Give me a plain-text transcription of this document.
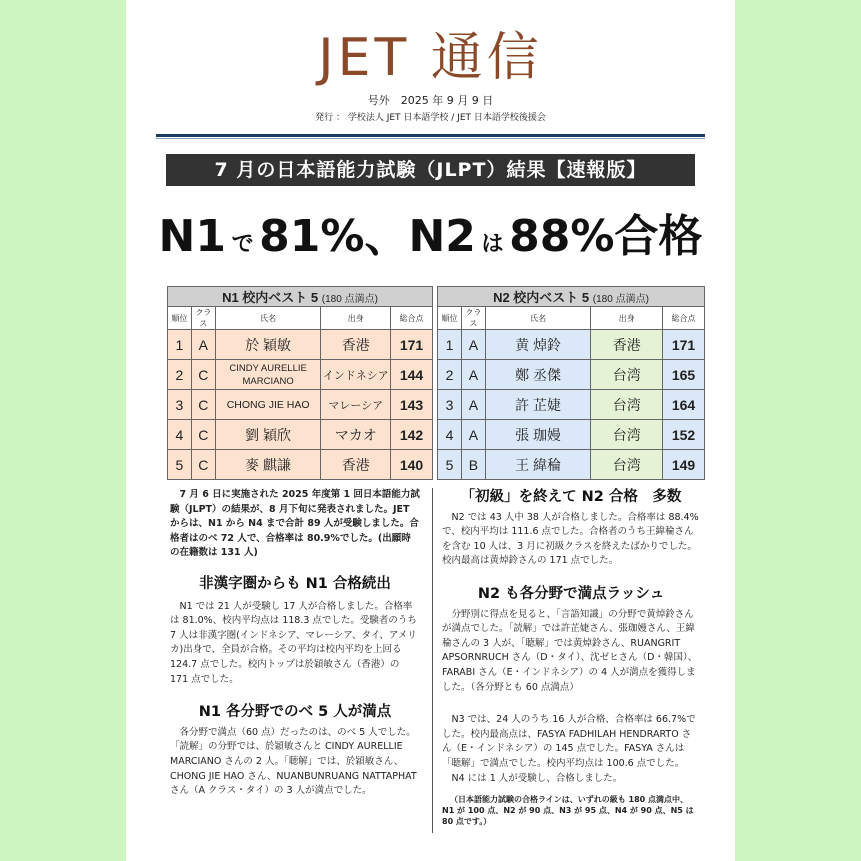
JET 通信
号外　2025 年 9 月 9 日
発行 ： 学校法人 JET 日本語学校 / JET 日本語学校後援会
7 月の日本語能力試験（JLPT）結果【速報版】
N1 で 81%、N2 は 88%合格
N1 校内ベスト 5 (180 点満点)				
順位	クラス	氏名	出身	総合点
1	A	於 穎敏	香港	171
2	C	CINDY AURELLIE MARCIANO	インドネシア	144
3	C	CHONG JIE HAO	マレーシア	143
4	C	劉 穎欣	マカオ	142
5	C	麥 麒謙	香港	140
N2 校内ベスト 5 (180 点満点)				
順位	クラス	氏名	出身	総合点
1	A	黄 焯鈴	香港	171
2	A	鄭 丞傑	台湾	165
3	A	許 芷婕	台湾	164
4	A	張 珈嫚	台湾	152
5	B	王 緯稐	台湾	149

7 月 6 日に実施された 2025 年度第 1 回日本語能力試験（JLPT）の結果が、8 月下旬に発表されました。JET からは、N1 から N4 まで合計 89 人が受験しました。合格者はのべ 72 人で、合格率は 80.9%でした。(出願時の在籍数は 131 人)

非漢字圏からも N1 合格続出

N1 では 21 人が受験し 17 人が合格しました。合格率は 81.0%、校内平均点は 118.3 点でした。受験者のうち 7 人は非漢字圏(インドネシア、マレーシア、タイ、アメリカ)出身で、全員が合格。その平均は校内平均を上回る 124.7 点でした。校内トップは於穎敏さん（香港）の 171 点でした。

N1 各分野でのべ 5 人が満点

各分野で満点（60 点）だったのは、のべ 5 人でした。「読解」の分野では、於穎敏さんと CINDY AURELLIE MARCIANO さんの 2 人。「聴解」では、於穎敏さん、CHONG JIE HAO さん、NUANBUNRUANG NATTAPHAT さん（A クラス・タイ）の 3 人が満点でした。

「初級」を終えて N2 合格　多数

N2 では 43 人中 38 人が合格しました。合格率は 88.4%で、校内平均は 111.6 点でした。合格者のうち王緯稐さんを含む 10 人は、3 月に初級クラスを終えたばかりでした。校内最高は黄焯鈴さんの 171 点でした。

N2 も各分野で満点ラッシュ

分野別に得点を見ると、「言語知識」の分野で黄焯鈴さんが満点でした。「読解」では許芷婕さん、張珈嫚さん、王緯稐さんの 3 人が、「聴解」では黄焯鈴さん、RUANGRIT APSORNRUCH さん（D・タイ）、沈ゼヒさん（D・韓国）、FARABI さん（E・インドネシア）の 4 人が満点を獲得しました。（各分野とも 60 点満点）

N3 では、24 人のうち 16 人が合格、合格率は 66.7%でした。校内最高点は、FASYA FADHILAH HENDRARTO さん（E・インドネシア）の 145 点でした。FASYA さんは「聴解」で満点でした。校内平均点は 100.6 点でした。

N4 には 1 人が受験し、合格しました。

（日本語能力試験の合格ラインは、いずれの級も 180 点満点中、N1 が 100 点、N2 が 90 点、N3 が 95 点、N4 が 90 点、N5 は 80 点です。）
